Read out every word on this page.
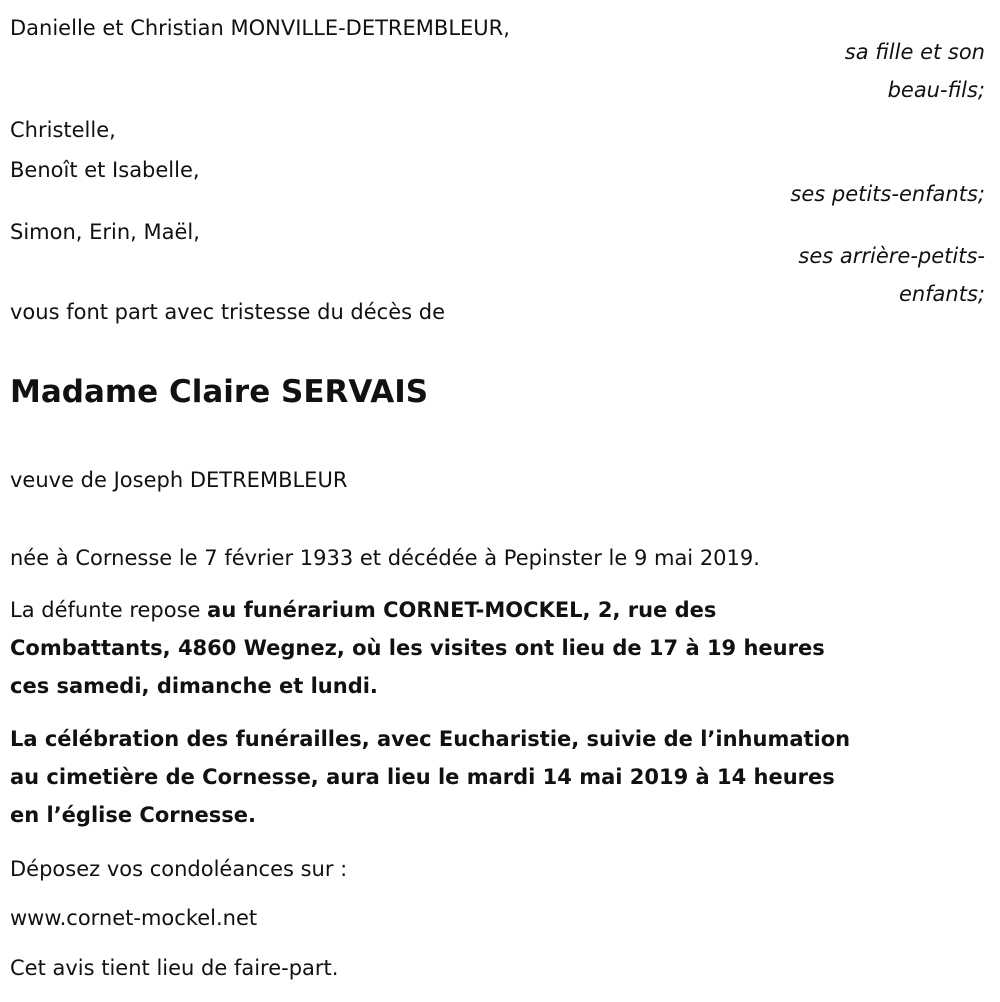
Danielle et Christian MONVILLE-DETREMBLEUR,
sa fille et son
beau-fils;
Christelle,
Benoît et Isabelle,
ses petits-enfants;
Simon, Erin, Maël,
ses arrière-petits-
enfants;
vous font part avec tristesse du décès de
Madame Claire SERVAIS
veuve de Joseph DETREMBLEUR
née à Cornesse le 7 février 1933 et décédée à Pepinster le 9 mai 2019.
La défunte repose au funérarium CORNET-MOCKEL, 2, rue des
Combattants, 4860 Wegnez, où les visites ont lieu de 17 à 19 heures
ces samedi, dimanche et lundi.
La célébration des funérailles, avec Eucharistie, suivie de l’inhumation
au cimetière de Cornesse, aura lieu le mardi 14 mai 2019 à 14 heures
en l’église Cornesse.
Déposez vos condoléances sur :
www.cornet-mockel.net
Cet avis tient lieu de faire-part.
